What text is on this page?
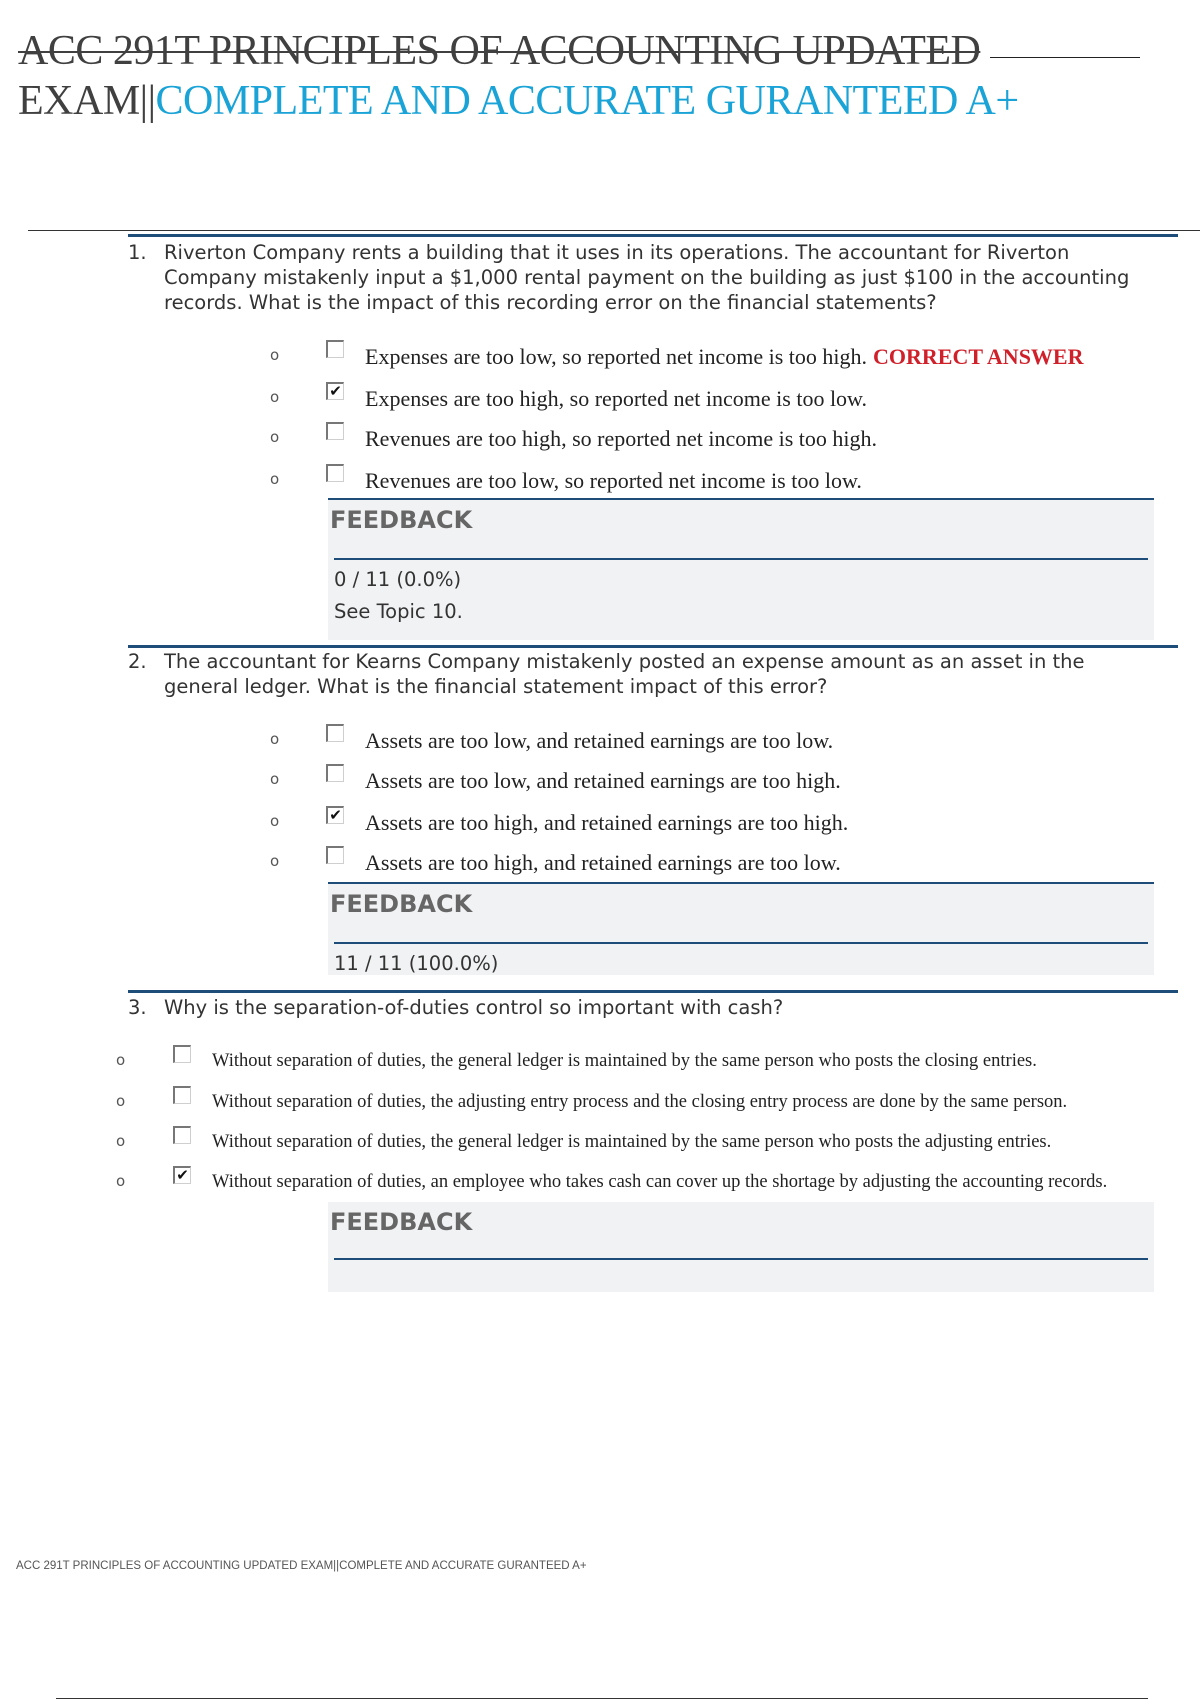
ACC 291T PRINCIPLES OF ACCOUNTING UPDATED
EXAM||COMPLETE AND ACCURATE GURANTEED A+
1. Riverton Company rents a building that it uses in its operations. The accountant for Riverton Company mistakenly input a $1,000 rental payment on the building as just $100 in the accounting records. What is the impact of this recording error on the financial statements?
o	Expenses are too low, so reported net income is too high. CORRECT ANSWER
o	✔ Expenses are too high, so reported net income is too low.
o	Revenues are too high, so reported net income is too high.
o	Revenues are too low, so reported net income is too low.
FEEDBACK
0 / 11 (0.0%)
See Topic 10.
2. The accountant for Kearns Company mistakenly posted an expense amount as an asset in the general ledger. What is the financial statement impact of this error?
o	Assets are too low, and retained earnings are too low.
o	Assets are too low, and retained earnings are too high.
o	✔ Assets are too high, and retained earnings are too high.
o	Assets are too high, and retained earnings are too low.
FEEDBACK
11 / 11 (100.0%)
3. Why is the separation-of-duties control so important with cash?
o	Without separation of duties, the general ledger is maintained by the same person who posts the closing entries.
o	Without separation of duties, the adjusting entry process and the closing entry process are done by the same person.
o	Without separation of duties, the general ledger is maintained by the same person who posts the adjusting entries.
o	✔ Without separation of duties, an employee who takes cash can cover up the shortage by adjusting the accounting records.
FEEDBACK
ACC 291T PRINCIPLES OF ACCOUNTING UPDATED EXAM||COMPLETE AND ACCURATE GURANTEED A+
